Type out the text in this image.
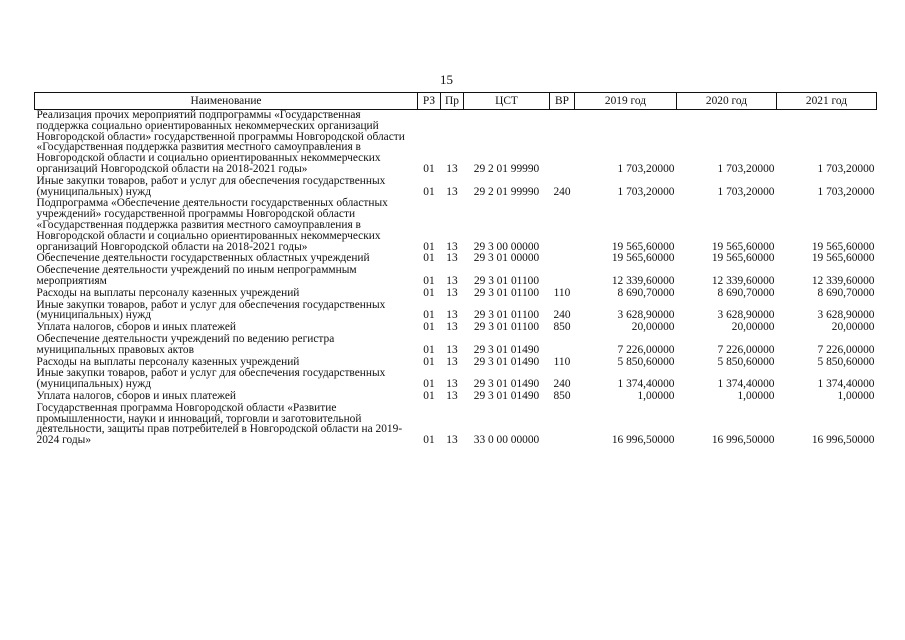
15
Наименование	РЗ	Пр	ЦСТ	ВР	2019 год	2020 год	2021 год
Реализация прочих мероприятий подпрограммы «Государственная поддержка социально ориентированных некоммерческих организаций Новгородской области» государственной программы Новгородской области «Государственная поддержка развития местного самоуправления в Новгородской области и социально ориентированных некоммерческих организаций Новгородской области на 2018-2021 годы»	01	13	29 2 01 99990		1 703,20000	1 703,20000	1 703,20000
Иные закупки товаров, работ и услуг для обеспечения государственных (муниципальных) нужд	01	13	29 2 01 99990	240	1 703,20000	1 703,20000	1 703,20000
Подпрограмма «Обеспечение деятельности государственных областных учреждений» государственной программы Новгородской области «Государственная поддержка развития местного самоуправления в Новгородской области и социально ориентированных некоммерческих организаций Новгородской области на 2018-2021 годы»	01	13	29 3 00 00000		19 565,60000	19 565,60000	19 565,60000
Обеспечение деятельности государственных областных учреждений	01	13	29 3 01 00000		19 565,60000	19 565,60000	19 565,60000
Обеспечение деятельности учреждений по иным непрограммным мероприятиям	01	13	29 3 01 01100		12 339,60000	12 339,60000	12 339,60000
Расходы на выплаты персоналу казенных учреждений	01	13	29 3 01 01100	110	8 690,70000	8 690,70000	8 690,70000
Иные закупки товаров, работ и услуг для обеспечения государственных (муниципальных) нужд	01	13	29 3 01 01100	240	3 628,90000	3 628,90000	3 628,90000
Уплата налогов, сборов и иных платежей	01	13	29 3 01 01100	850	20,00000	20,00000	20,00000
Обеспечение деятельности учреждений по ведению регистра муниципальных правовых актов	01	13	29 3 01 01490		7 226,00000	7 226,00000	7 226,00000
Расходы на выплаты персоналу казенных учреждений	01	13	29 3 01 01490	110	5 850,60000	5 850,60000	5 850,60000
Иные закупки товаров, работ и услуг для обеспечения государственных (муниципальных) нужд	01	13	29 3 01 01490	240	1 374,40000	1 374,40000	1 374,40000
Уплата налогов, сборов и иных платежей	01	13	29 3 01 01490	850	1,00000	1,00000	1,00000
Государственная программа Новгородской области «Развитие промышленности, науки и инноваций, торговли и заготовительной деятельности, защиты прав потребителей в Новгородской области на 2019-2024 годы»	01	13	33 0 00 00000		16 996,50000	16 996,50000	16 996,50000
